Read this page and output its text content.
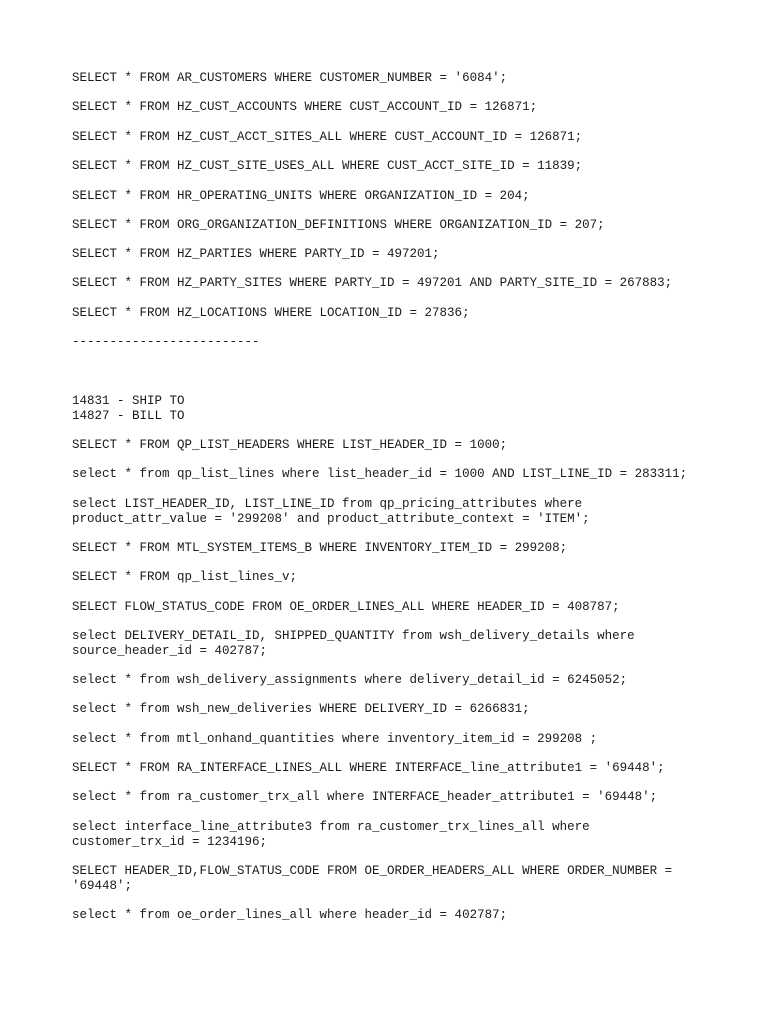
SELECT * FROM AR_CUSTOMERS WHERE CUSTOMER_NUMBER = '6084';
SELECT * FROM HZ_CUST_ACCOUNTS WHERE CUST_ACCOUNT_ID = 126871;
SELECT * FROM HZ_CUST_ACCT_SITES_ALL WHERE CUST_ACCOUNT_ID = 126871;
SELECT * FROM HZ_CUST_SITE_USES_ALL WHERE CUST_ACCT_SITE_ID = 11839;
SELECT * FROM HR_OPERATING_UNITS WHERE ORGANIZATION_ID = 204;
SELECT * FROM ORG_ORGANIZATION_DEFINITIONS WHERE ORGANIZATION_ID = 207;
SELECT * FROM HZ_PARTIES WHERE PARTY_ID = 497201;
SELECT * FROM HZ_PARTY_SITES WHERE PARTY_ID = 497201 AND PARTY_SITE_ID = 267883;
SELECT * FROM HZ_LOCATIONS WHERE LOCATION_ID = 27836;
-------------------------
14831 - SHIP TO
14827 - BILL TO
SELECT * FROM QP_LIST_HEADERS WHERE LIST_HEADER_ID = 1000;
select * from qp_list_lines where list_header_id = 1000 AND LIST_LINE_ID = 283311;
select LIST_HEADER_ID, LIST_LINE_ID from qp_pricing_attributes where
product_attr_value = '299208' and product_attribute_context = 'ITEM';
SELECT * FROM MTL_SYSTEM_ITEMS_B WHERE INVENTORY_ITEM_ID = 299208;
SELECT * FROM qp_list_lines_v;
SELECT FLOW_STATUS_CODE FROM OE_ORDER_LINES_ALL WHERE HEADER_ID = 408787;
select DELIVERY_DETAIL_ID, SHIPPED_QUANTITY from wsh_delivery_details where
source_header_id = 402787;
select * from wsh_delivery_assignments where delivery_detail_id = 6245052;
select * from wsh_new_deliveries WHERE DELIVERY_ID = 6266831;
select * from mtl_onhand_quantities where inventory_item_id = 299208 ;
SELECT * FROM RA_INTERFACE_LINES_ALL WHERE INTERFACE_line_attribute1 = '69448';
select * from ra_customer_trx_all where INTERFACE_header_attribute1 = '69448';
select interface_line_attribute3 from ra_customer_trx_lines_all where
customer_trx_id = 1234196;
SELECT HEADER_ID,FLOW_STATUS_CODE FROM OE_ORDER_HEADERS_ALL WHERE ORDER_NUMBER =
'69448';
select * from oe_order_lines_all where header_id = 402787;
